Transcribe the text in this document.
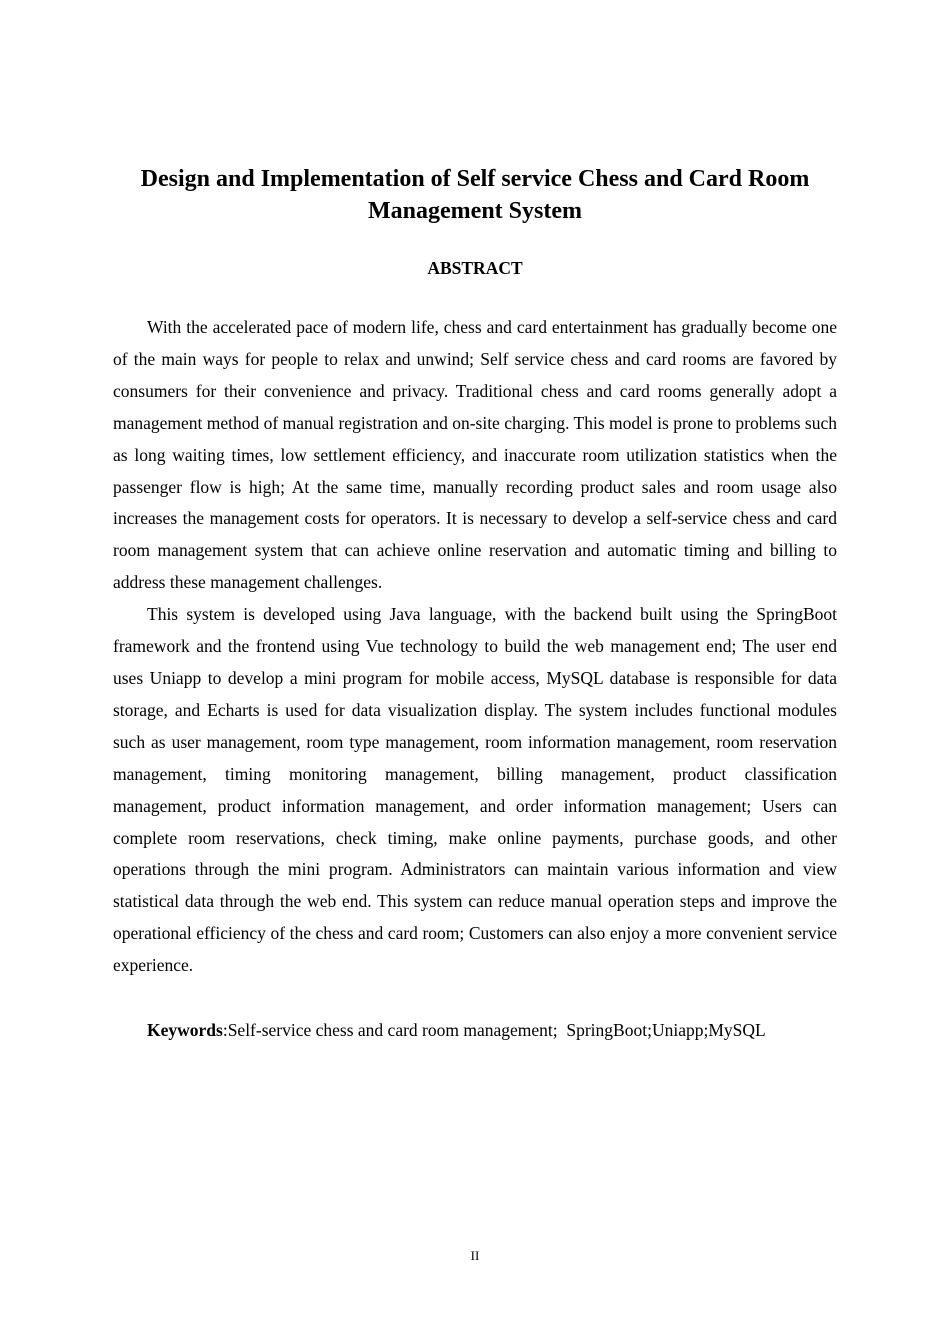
Design and Implementation of Self service Chess and Card Room Management System
ABSTRACT

With the accelerated pace of modern life, chess and card entertainment has gradually become one of the main ways for people to relax and unwind; Self service chess and card rooms are favored by consumers for their convenience and privacy. Traditional chess and card rooms generally adopt a management method of manual registration and on-site charging. This model is prone to problems such as long waiting times, low settlement efficiency, and inaccurate room utilization statistics when the passenger flow is high; At the same time, manually recording product sales and room usage also increases the management costs for operators. It is necessary to develop a self-service chess and card room management system that can achieve online reservation and automatic timing and billing to address these management challenges.

This system is developed using Java language, with the backend built using the SpringBoot framework and the frontend using Vue technology to build the web management end; The user end uses Uniapp to develop a mini program for mobile access, MySQL database is responsible for data storage, and Echarts is used for data visualization display. The system includes functional modules such as user management, room type management, room information management, room reservation management, timing monitoring management, billing management, product classification management, product information management, and order information management; Users can complete room reservations, check timing, make online payments, purchase goods, and other operations through the mini program. Administrators can maintain various information and view statistical data through the web end. This system can reduce manual operation steps and improve the operational efficiency of the chess and card room; Customers can also enjoy a more convenient service experience.

Keywords:Self-service chess and card room management;  SpringBoot;Uniapp;MySQL

II
